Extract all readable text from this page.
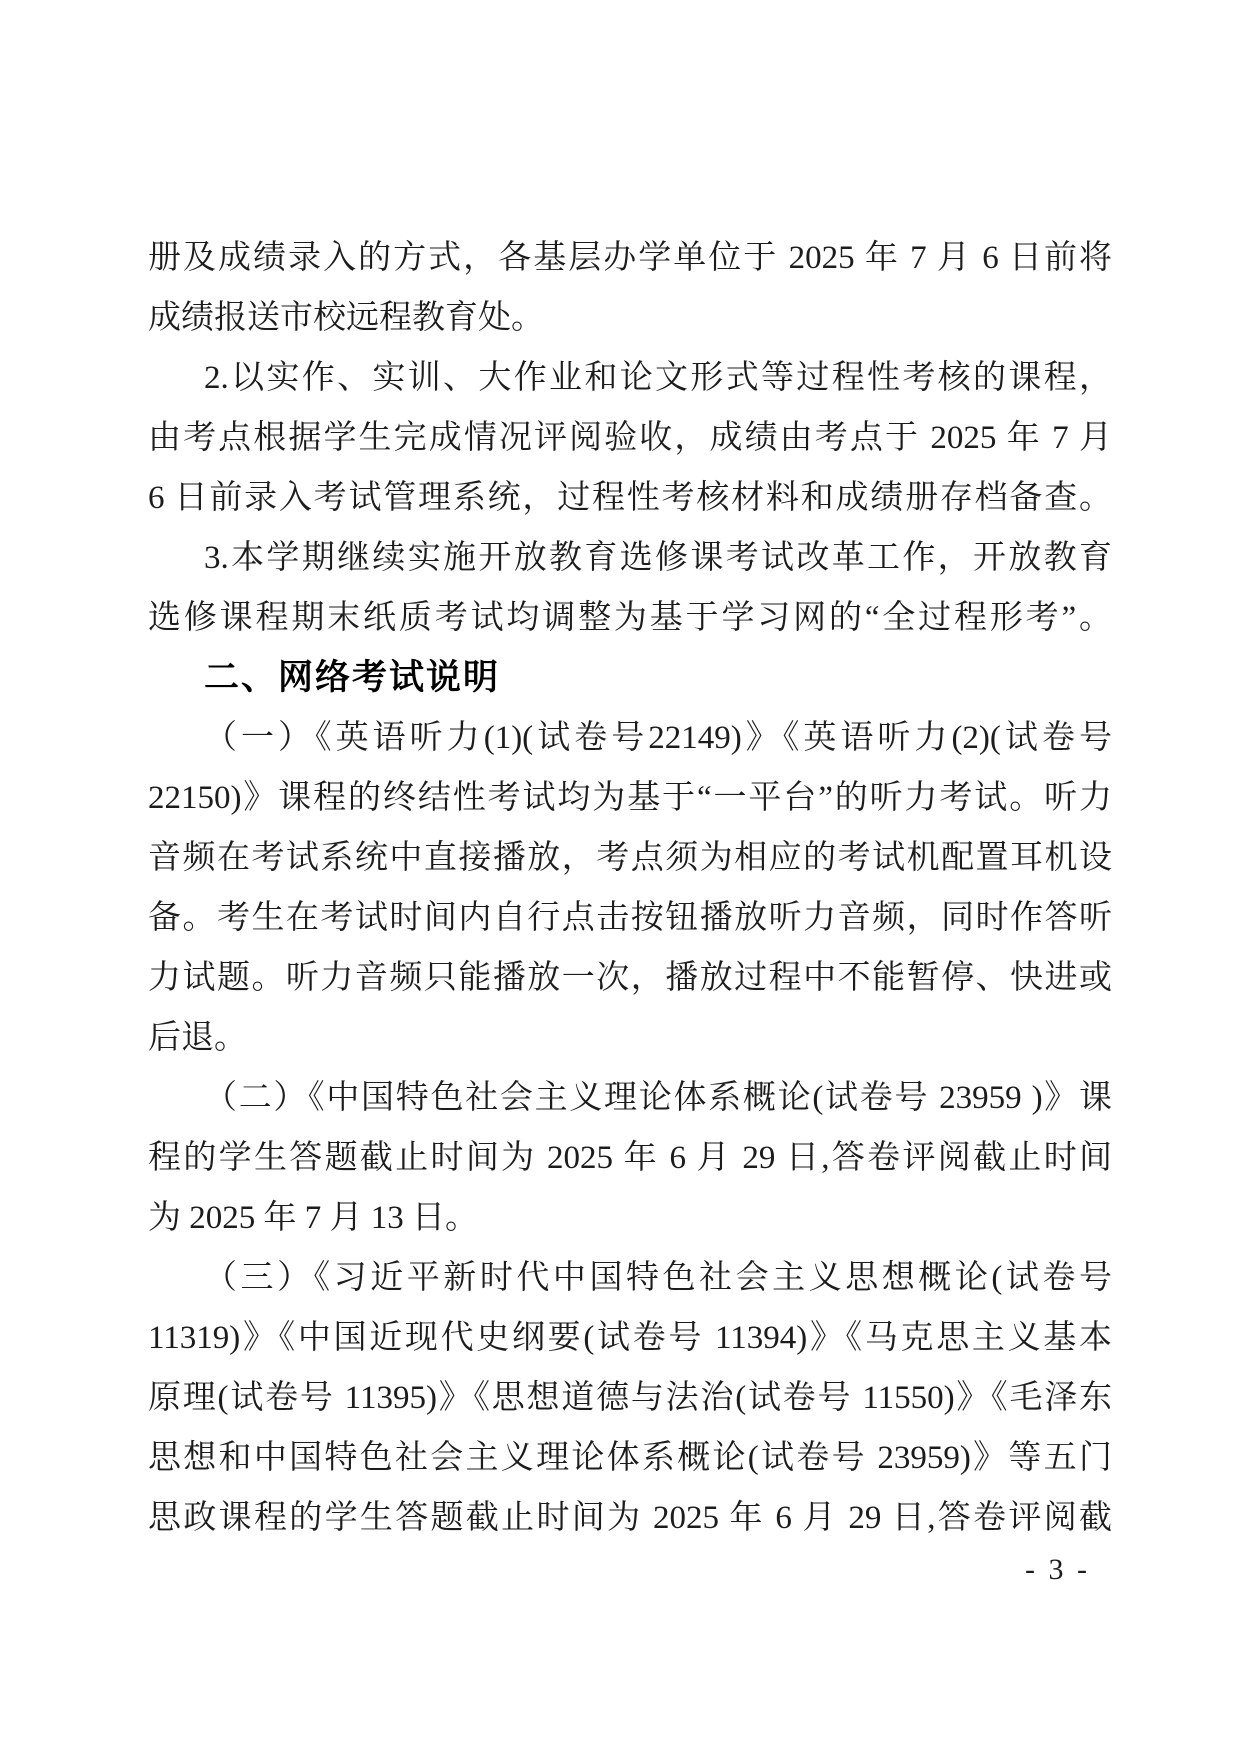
册及成绩录入的方式，各基层办学单位于 2025 年 7 月 6 日前将
成绩报送市校远程教育处。
2.以实作、实训、大作业和论文形式等过程性考核的课程，
由考点根据学生完成情况评阅验收，成绩由考点于 2025 年 7 月
6 日前录入考试管理系统，过程性考核材料和成绩册存档备查。
3.本学期继续实施开放教育选修课考试改革工作，开放教育
选修课程期末纸质考试均调整为基于学习网的“全过程形考”。
二、网络考试说明
（一）《英语听力(1)(试卷号22149)》《英语听力(2)(试卷号
22150)》课程的终结性考试均为基于“一平台”的听力考试。听力
音频在考试系统中直接播放，考点须为相应的考试机配置耳机设
备。考生在考试时间内自行点击按钮播放听力音频，同时作答听
力试题。听力音频只能播放一次，播放过程中不能暂停、快进或
后退。
（二）《中国特色社会主义理论体系概论(试卷号 23959 )》课
程的学生答题截止时间为 2025 年 6 月 29 日,答卷评阅截止时间
为 2025 年 7 月 13 日。
（三）《习近平新时代中国特色社会主义思想概论(试卷号
11319)》《中国近现代史纲要(试卷号 11394)》《马克思主义基本
原理(试卷号 11395)》《思想道德与法治(试卷号 11550)》《毛泽东
思想和中国特色社会主义理论体系概论(试卷号 23959)》等五门
思政课程的学生答题截止时间为 2025 年 6 月 29 日,答卷评阅截
- 3 -
